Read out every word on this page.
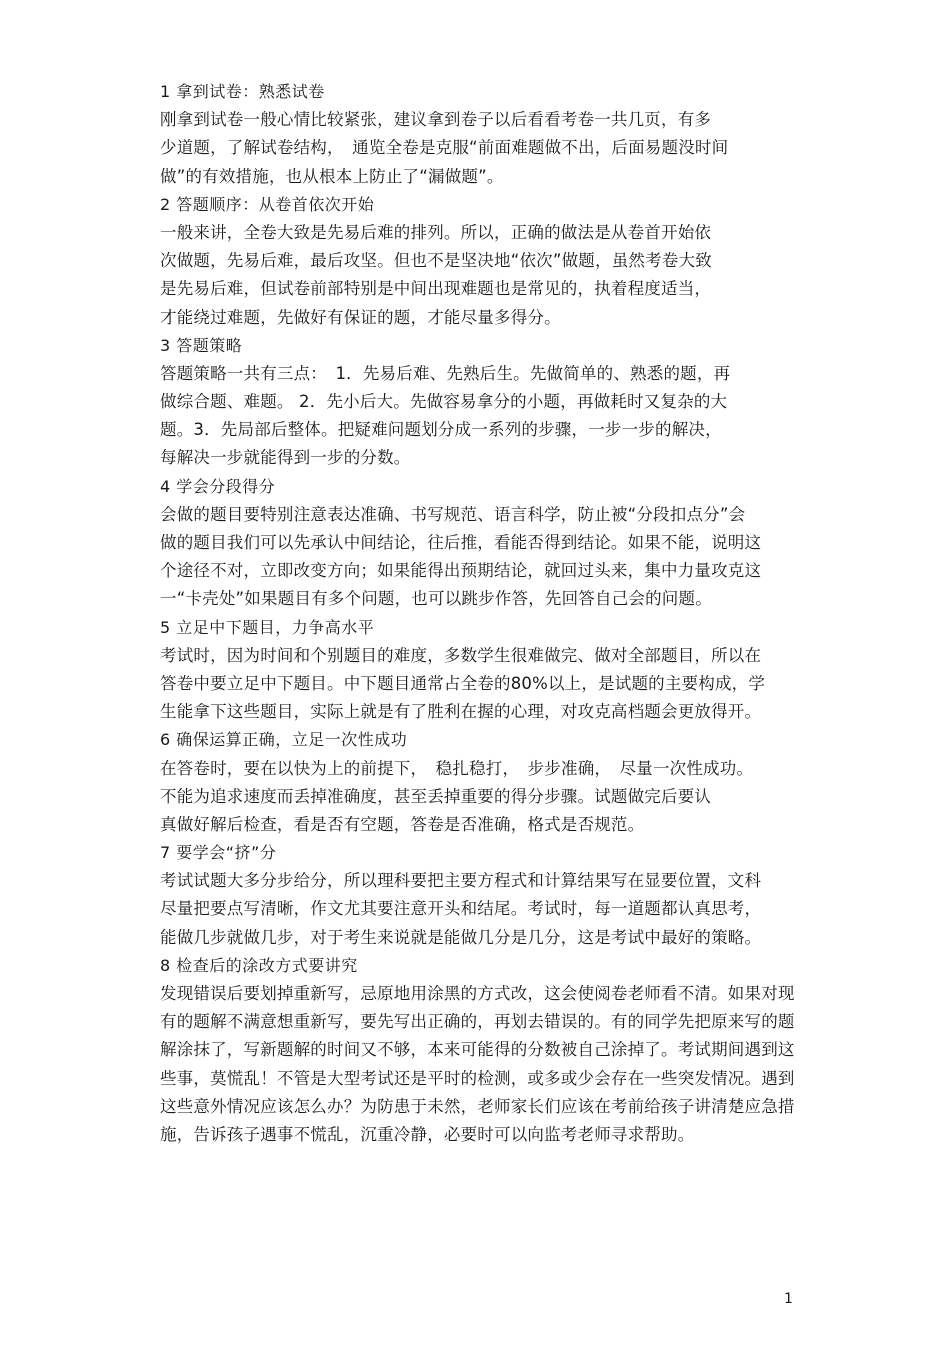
1 拿到试卷：熟悉试卷
刚拿到试卷一般心情比较紧张，建议拿到卷子以后看看考卷一共几页，有多
少道题，了解试卷结构，　通览全卷是克服“前面难题做不出，后面易题没时间
做”的有效措施，也从根本上防止了“漏做题”。
2 答题顺序：从卷首依次开始
一般来讲，全卷大致是先易后难的排列。所以，正确的做法是从卷首开始依
次做题，先易后难，最后攻坚。但也不是坚决地“依次”做题，虽然考卷大致
是先易后难，但试卷前部特别是中间出现难题也是常见的，执着程度适当，
才能绕过难题，先做好有保证的题，才能尽量多得分。
3 答题策略
答题策略一共有三点：　1．先易后难、先熟后生。先做简单的、熟悉的题，再
做综合题、难题。 2．先小后大。先做容易拿分的小题，再做耗时又复杂的大
题。3．先局部后整体。把疑难问题划分成一系列的步骤，一步一步的解决，
每解决一步就能得到一步的分数。
4 学会分段得分
会做的题目要特别注意表达准确、书写规范、语言科学，防止被“分段扣点分”会
做的题目我们可以先承认中间结论，往后推，看能否得到结论。如果不能，说明这
个途径不对，立即改变方向；如果能得出预期结论，就回过头来，集中力量攻克这
一“卡壳处”如果题目有多个问题，也可以跳步作答，先回答自己会的问题。
5 立足中下题目，力争高水平
考试时，因为时间和个别题目的难度，多数学生很难做完、做对全部题目，所以在
答卷中要立足中下题目。中下题目通常占全卷的80%以上，是试题的主要构成，学
生能拿下这些题目，实际上就是有了胜利在握的心理，对攻克高档题会更放得开。
6 确保运算正确，立足一次性成功
在答卷时，要在以快为上的前提下，　稳扎稳打，　步步准确，　尽量一次性成功。
不能为追求速度而丢掉准确度，甚至丢掉重要的得分步骤。试题做完后要认
真做好解后检查，看是否有空题，答卷是否准确，格式是否规范。
7 要学会“挤”分
考试试题大多分步给分，所以理科要把主要方程式和计算结果写在显要位置，文科
尽量把要点写清晰，作文尤其要注意开头和结尾。考试时，每一道题都认真思考，
能做几步就做几步，对于考生来说就是能做几分是几分，这是考试中最好的策略。
8 检查后的涂改方式要讲究
发现错误后要划掉重新写，忌原地用涂黑的方式改，这会使阅卷老师看不清。如果对现
有的题解不满意想重新写，要先写出正确的，再划去错误的。有的同学先把原来写的题
解涂抹了，写新题解的时间又不够，本来可能得的分数被自己涂掉了。考试期间遇到这
些事，莫慌乱！不管是大型考试还是平时的检测，或多或少会存在一些突发情况。遇到
这些意外情况应该怎么办？为防患于未然，老师家长们应该在考前给孩子讲清楚应急措
施，告诉孩子遇事不慌乱，沉重冷静，必要时可以向监考老师寻求帮助。
1
